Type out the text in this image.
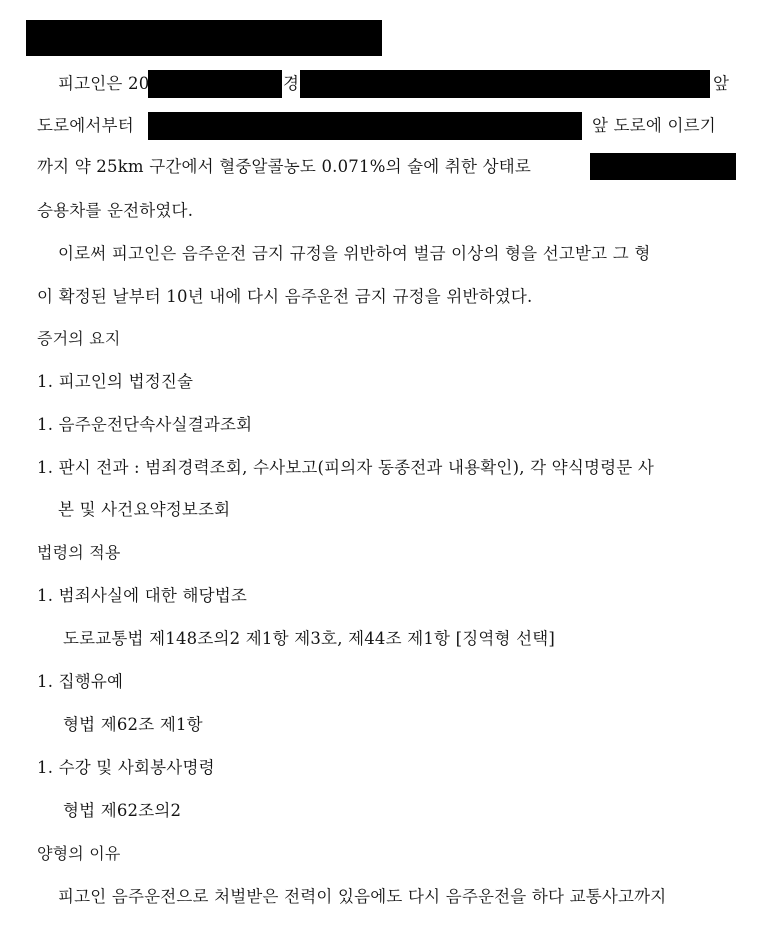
피고인은 20	경	앞
도로에서부터	앞 도로에 이르기
까지 약 25km 구간에서 혈중알콜농도 0.071%의 술에 취한 상태로
승용차를 운전하였다.
이로써 피고인은 음주운전 금지 규정을 위반하여 벌금 이상의 형을 선고받고 그 형
이 확정된 날부터 10년 내에 다시 음주운전 금지 규정을 위반하였다.
증거의 요지
1. 피고인의 법정진술
1. 음주운전단속사실결과조회
1. 판시 전과 : 범죄경력조회, 수사보고(피의자 동종전과 내용확인), 각 약식명령문 사
본 및 사건요약정보조회
법령의 적용
1. 범죄사실에 대한 해당법조
도로교통법 제148조의2 제1항 제3호, 제44조 제1항 [징역형 선택]
1. 집행유예
형법 제62조 제1항
1. 수강 및 사회봉사명령
형법 제62조의2
양형의 이유
피고인 음주운전으로 처벌받은 전력이 있음에도 다시 음주운전을 하다 교통사고까지
